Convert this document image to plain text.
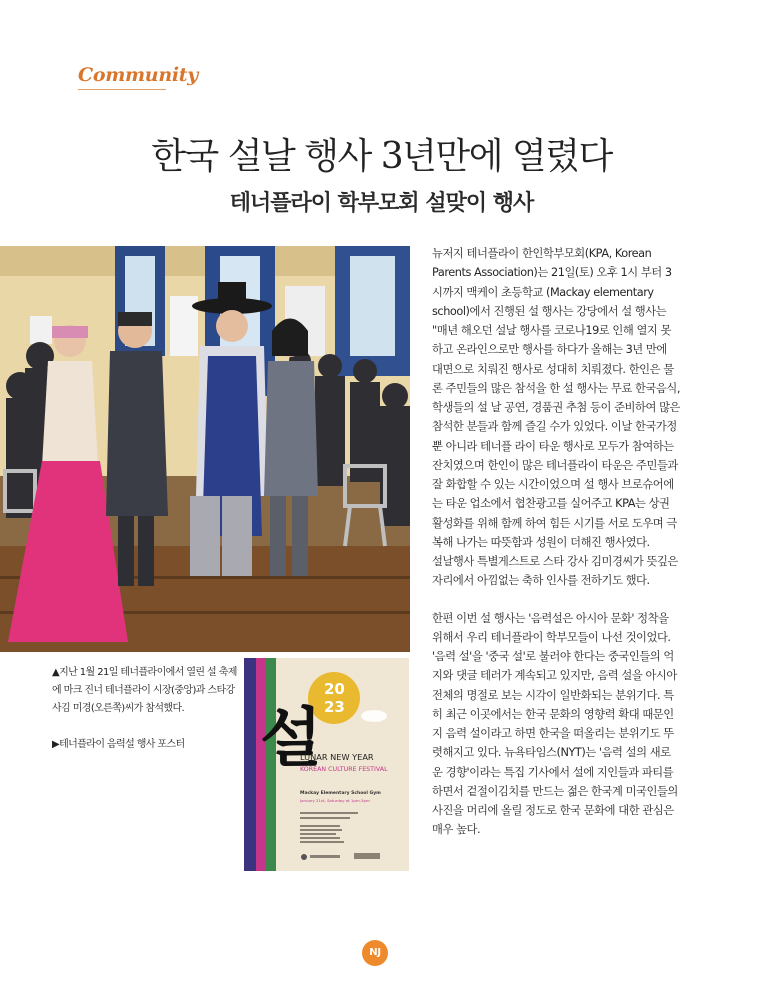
Community
한국 설날 행사 3년만에 열렸다
테너플라이 학부모회 설맞이 행사

뉴저지 테너플라이 한인학부모회(KPA, Korean Parents Association)는 21일(토) 오후 1시 부터 3시까지 맥케이 초등학교 (Mackay elementary school)에서 진행된 설 행사는 강당에서 설 행사는 "매년 해오던 설날 행사를 코로나19로 인해 열지 못하고 온라인으로만 행사를 하다가 올해는 3년 만에 대면으로 치뤄진 행사로 성대히 치뤄졌다. 한인은 물론 주민들의 많은 참석을 한 설 행사는 무료 한국음식, 학생들의 설 날 공연, 경품권 추첨 등이 준비하여 많은 참석한 분들과 함께 즐길 수가 있었다. 이날 한국가정 뿐 아니라 테너플 라이 타운 행사로 모두가 참여하는 잔치였으며 한인이 많은 테너플라이 타운은 주민들과 잘 화합할 수 있는 시간이었으며 설 행사 브로슈어에는 타운 업소에서 협찬광고를 실어주고 KPA는 상권 활성화를 위해 함께 하여 힘든 시기를 서로 도우며 극복해 나가는 따뜻함과 성원이 더해진 행사였다.

설날행사 특별게스트로 스타 강사 김미경씨가 뜻깊은 자리에서 아낌없는 축하 인사를 전하기도 했다.

한편 이번 설 행사는 '음력설은 아시아 문화' 정착을 위해서 우리 테너플라이 학부모들이 나선 것이었다. '음력 설'을 '중국 설'로 불러야 한다는 중국인들의 억지와 댓글 테러가 계속되고 있지만, 음력 설을 아시아 전체의 명절로 보는 시각이 일반화되는 분위기다. 특히 최근 이곳에서는 한국 문화의 영향력 확대 때문인지 음력 설이라고 하면 한국을 떠올리는 분위기도 뚜렷해지고 있다. 뉴욕타임스(NYT)는 '음력 설의 새로운 경향'이라는 특집 기사에서 설에 지인들과 파티를 하면서 겉절이김치를 만드는 젊은 한국계 미국인들의 사진을 머리에 올릴 정도로 한국 문화에 대한 관심은 매우 높다.

▲지난 1월 21일 테너플라이에서 열린 설 축제에 마크 진너 테너플라이 시장(중앙)과 스타강사김 미경(오른쪽)씨가 참석했다.

▶테너플라이 음력설 행사 포스터	설
20
23
LUNAR NEW YEAR
KOREAN CULTURE FESTIVAL
Mackay Elementary School Gym
January 21st, Saturday at 1pm-3pm
NJ
